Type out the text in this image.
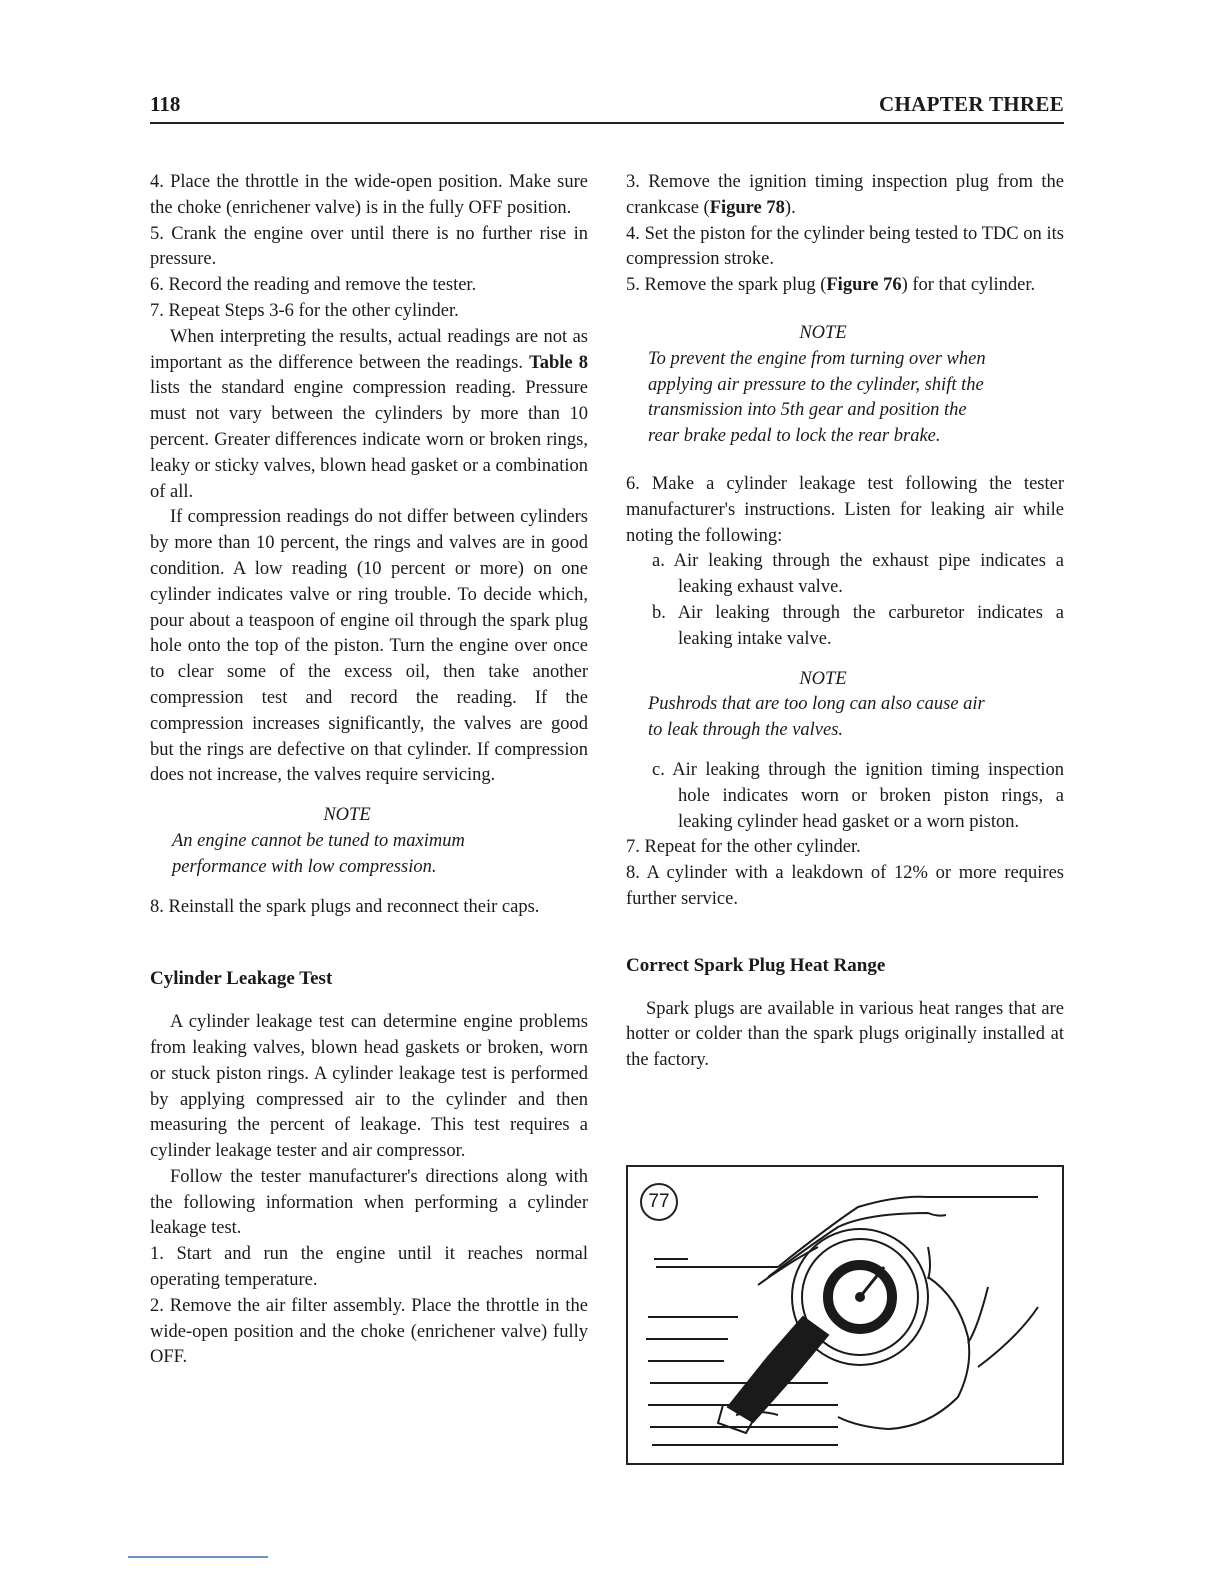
118	CHAPTER THREE

4. Place the throttle in the wide-open position. Make sure the choke (enrichener valve) is in the fully OFF position.

5. Crank the engine over until there is no further rise in pressure.

6. Record the reading and remove the tester.

7. Repeat Steps 3-6 for the other cylinder.

When interpreting the results, actual readings are not as important as the difference between the readings. Table 8 lists the standard engine compression reading. Pressure must not vary between the cylinders by more than 10 percent. Greater differences indicate worn or broken rings, leaky or sticky valves, blown head gasket or a combination of all.

If compression readings do not differ between cylinders by more than 10 percent, the rings and valves are in good condition. A low reading (10 percent or more) on one cylinder indicates valve or ring trouble. To decide which, pour about a teaspoon of engine oil through the spark plug hole onto the top of the piston. Turn the engine over once to clear some of the excess oil, then take another compression test and record the reading. If the compression increases significantly, the valves are good but the rings are defective on that cylinder. If compression does not increase, the valves require servicing.

NOTE

An engine cannot be tuned to maximum performance with low compression.

8. Reinstall the spark plugs and reconnect their caps.

Cylinder Leakage Test

A cylinder leakage test can determine engine problems from leaking valves, blown head gaskets or broken, worn or stuck piston rings. A cylinder leakage test is performed by applying compressed air to the cylinder and then measuring the percent of leakage. This test requires a cylinder leakage tester and air compressor.

Follow the tester manufacturer's directions along with the following information when performing a cylinder leakage test.

1. Start and run the engine until it reaches normal operating temperature.

2. Remove the air filter assembly. Place the throttle in the wide-open position and the choke (enrichener valve) fully OFF.

3. Remove the ignition timing inspection plug from the crankcase (Figure 78).

4. Set the piston for the cylinder being tested to TDC on its compression stroke.

5. Remove the spark plug (Figure 76) for that cylinder.

NOTE

To prevent the engine from turning over when applying air pressure to the cylinder, shift the transmission into 5th gear and position the rear brake pedal to lock the rear brake.

6. Make a cylinder leakage test following the tester manufacturer's instructions. Listen for leaking air while noting the following:

a. Air leaking through the exhaust pipe indicates a leaking exhaust valve.

b. Air leaking through the carburetor indicates a leaking intake valve.

NOTE

Pushrods that are too long can also cause air to leak through the valves.

c. Air leaking through the ignition timing inspection hole indicates worn or broken piston rings, a leaking cylinder head gasket or a worn piston.

7. Repeat for the other cylinder.

8. A cylinder with a leakdown of 12% or more requires further service.

Correct Spark Plug Heat Range

Spark plugs are available in various heat ranges that are hotter or colder than the spark plugs originally installed at the factory.

77
